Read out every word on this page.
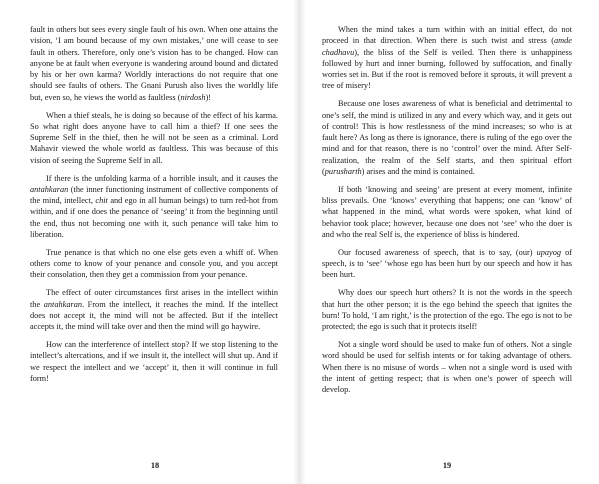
fault in others but sees every single fault of his own. When one attains the vision, ‘I am bound because of my own mistakes,’ one will cease to see fault in others. Therefore, only one’s vision has to be changed. How can anyone be at fault when everyone is wandering around bound and dictated by his or her own karma? Worldly interactions do not require that one should see faults of others. The Gnani Purush also lives the worldly life but, even so, he views the world as faultless (nirdosh)!

When a thief steals, he is doing so because of the effect of his karma. So what right does anyone have to call him a thief? If one sees the Supreme Self in the thief, then he will not be seen as a criminal. Lord Mahavir viewed the whole world as faultless. This was because of this vision of seeing the Supreme Self in all.

If there is the unfolding karma of a horrible insult, and it causes the antahkaran (the inner functioning instrument of collective components of the mind, intellect, chit and ego in all human beings) to turn red-hot from within, and if one does the penance of ‘seeing’ it from the beginning until the end, thus not becoming one with it, such penance will take him to liberation.

True penance is that which no one else gets even a whiff of. When others come to know of your penance and console you, and you accept their consolation, then they get a commission from your penance.

The effect of outer circumstances first arises in the intellect within the antahkaran. From the intellect, it reaches the mind. If the intellect does not accept it, the mind will not be affected. But if the intellect accepts it, the mind will take over and then the mind will go haywire.

How can the interference of intellect stop? If we stop listening to the intellect’s altercations, and if we insult it, the intellect will shut up. And if we respect the intellect and we ‘accept’ it, then it will continue in full form!

18

When the mind takes a turn within with an initial effect, do not proceed in that direction. When there is such twist and stress (amde chadhavu), the bliss of the Self is veiled. Then there is unhappiness followed by hurt and inner burning, followed by suffocation, and finally worries set in. But if the root is removed before it sprouts, it will prevent a tree of misery!

Because one loses awareness of what is beneficial and detrimental to one’s self, the mind is utilized in any and every which way, and it gets out of control! This is how restlessness of the mind increases; so who is at fault here? As long as there is ignorance, there is ruling of the ego over the mind and for that reason, there is no ‘control’ over the mind. After Self-realization, the realm of the Self starts, and then spiritual effort (purusharth) arises and the mind is contained.

If both ‘knowing and seeing’ are present at every moment, infinite bliss prevails. One ‘knows’ everything that happens; one can ‘know’ of what happened in the mind, what words were spoken, what kind of behavior took place; however, because one does not ‘see’ who the doer is and who the real Self is, the experience of bliss is hindered.

Our focused awareness of speech, that is to say, (our) upayog of speech, is to ‘see’ ‘whose ego has been hurt by our speech and how it has been hurt.

Why does our speech hurt others? It is not the words in the speech that hurt the other person; it is the ego behind the speech that ignites the burn! To hold, ‘I am right,’ is the protection of the ego. The ego is not to be protected; the ego is such that it protects itself!

Not a single word should be used to make fun of others. Not a single word should be used for selfish intents or for taking advantage of others. When there is no misuse of words – when not a single word is used with the intent of getting respect; that is when one’s power of speech will develop.

19
